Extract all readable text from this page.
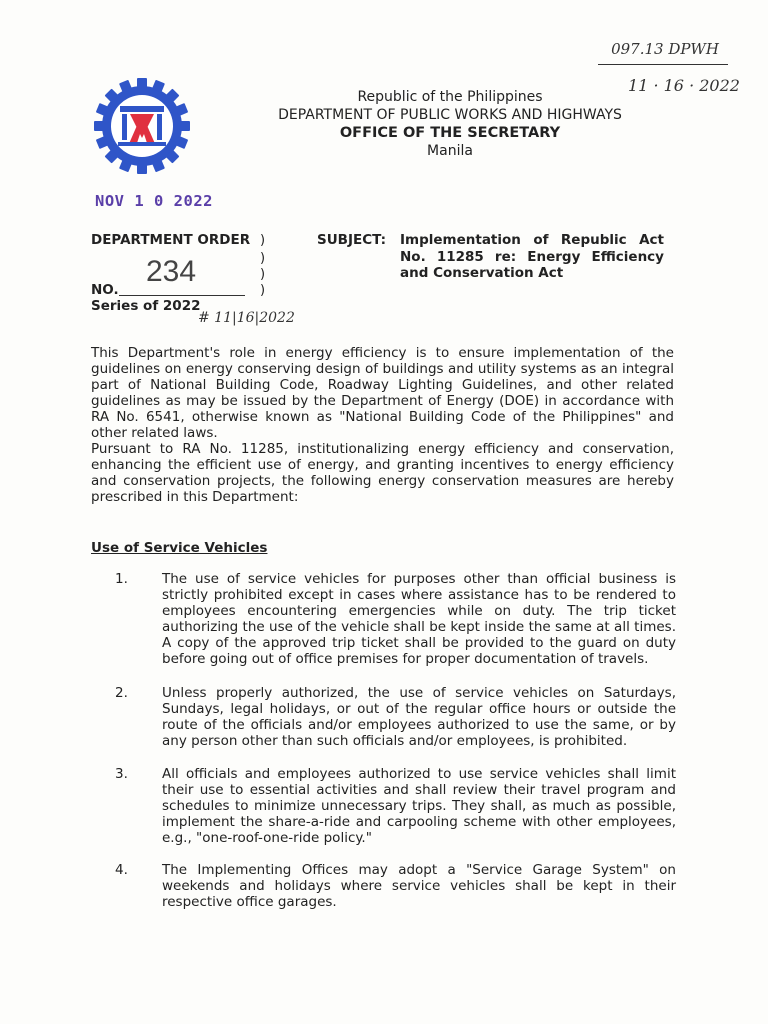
097.13 DPWH
11 · 16 · 2022
Republic of the Philippines
DEPARTMENT OF PUBLIC WORKS AND HIGHWAYS
OFFICE OF THE SECRETARY
Manila
NOV 1 0 2022
DEPARTMENT ORDER )
)
)
)
NO.
234
Series of 2022
# 11|16|2022
SUBJECT: Implementation of Republic Act No. 11285 re: Energy Efficiency and Conservation Act
This Department's role in energy efficiency is to ensure implementation of the guidelines on energy conserving design of buildings and utility systems as an integral part of National Building Code, Roadway Lighting Guidelines, and other related guidelines as may be issued by the Department of Energy (DOE) in accordance with RA No. 6541, otherwise known as "National Building Code of the Philippines" and other related laws.
Pursuant to RA No. 11285, institutionalizing energy efficiency and conservation, enhancing the efficient use of energy, and granting incentives to energy efficiency and conservation projects, the following energy conservation measures are hereby prescribed in this Department:
Use of Service Vehicles
1.	The use of service vehicles for purposes other than official business is strictly prohibited except in cases where assistance has to be rendered to employees encountering emergencies while on duty. The trip ticket authorizing the use of the vehicle shall be kept inside the same at all times. A copy of the approved trip ticket shall be provided to the guard on duty before going out of office premises for proper documentation of travels.
2.	Unless properly authorized, the use of service vehicles on Saturdays, Sundays, legal holidays, or out of the regular office hours or outside the route of the officials and/or employees authorized to use the same, or by any person other than such officials and/or employees, is prohibited.
3.	All officials and employees authorized to use service vehicles shall limit their use to essential activities and shall review their travel program and schedules to minimize unnecessary trips. They shall, as much as possible, implement the share-a-ride and carpooling scheme with other employees, e.g., "one-roof-one-ride policy."
4.	The Implementing Offices may adopt a "Service Garage System" on weekends and holidays where service vehicles shall be kept in their respective office garages.
